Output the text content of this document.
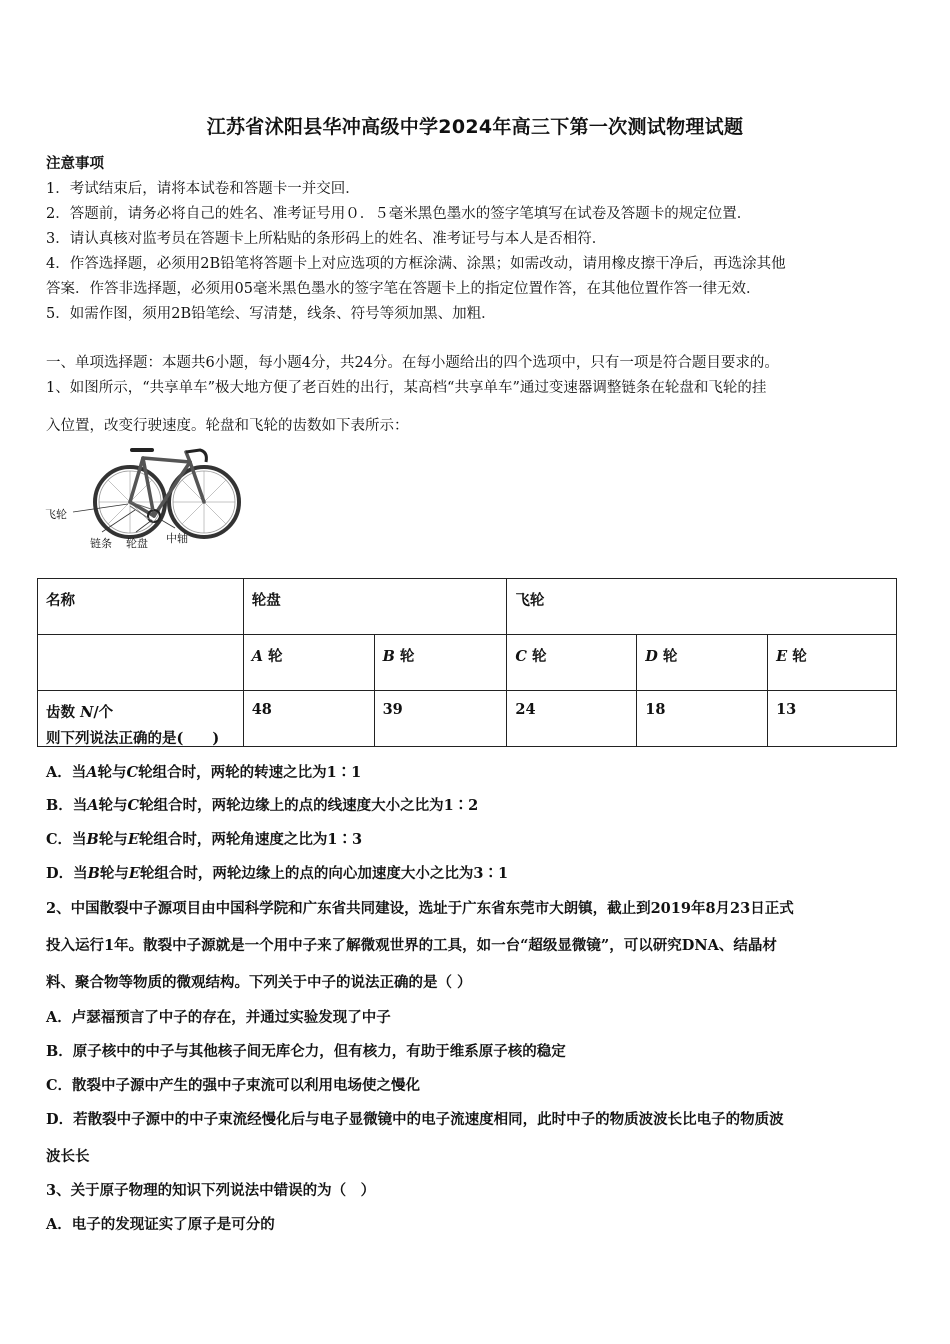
江苏省沭阳县华冲高级中学2024年高三下第一次测试物理试题
注意事项
1．考试结束后，请将本试卷和答题卡一并交回．
2．答题前，请务必将自己的姓名、准考证号用０．５毫米黑色墨水的签字笔填写在试卷及答题卡的规定位置．
3．请认真核对监考员在答题卡上所粘贴的条形码上的姓名、准考证号与本人是否相符．
4．作答选择题，必须用2B铅笔将答题卡上对应选项的方框涂满、涂黑；如需改动，请用橡皮擦干净后，再选涂其他
答案．作答非选择题，必须用05毫米黑色墨水的签字笔在答题卡上的指定位置作答，在其他位置作答一律无效．
5．如需作图，须用2B铅笔绘、写清楚，线条、符号等须加黑、加粗．
一、单项选择题：本题共6小题，每小题4分，共24分。在每小题给出的四个选项中，只有一项是符合题目要求的。
1、如图所示，“共享单车”极大地方便了老百姓的出行，某高档“共享单车”通过变速器调整链条在轮盘和飞轮的挂
入位置，改变行驶速度。轮盘和飞轮的齿数如下表所示：
飞轮
链条 轮盘 中轴
名称	轮盘		飞轮		
	A 轮	B 轮	C 轮	D 轮	E 轮
齿数 N/个	48	39	24	18	13
则下列说法正确的是(　　)
A．当A轮与C轮组合时，两轮的转速之比为1∶1
B．当A轮与C轮组合时，两轮边缘上的点的线速度大小之比为1∶2
C．当B轮与E轮组合时，两轮角速度之比为1∶3
D．当B轮与E轮组合时，两轮边缘上的点的向心加速度大小之比为3∶1
2、中国散裂中子源项目由中国科学院和广东省共同建设，选址于广东省东莞市大朗镇，截止到2019年8月23日正式
投入运行1年。散裂中子源就是一个用中子来了解微观世界的工具，如一台“超级显微镜”，可以研究DNA、结晶材
料、聚合物等物质的微观结构。下列关于中子的说法正确的是（ ）
A．卢瑟福预言了中子的存在，并通过实验发现了中子
B．原子核中的中子与其他核子间无库仑力，但有核力，有助于维系原子核的稳定
C．散裂中子源中产生的强中子束流可以利用电场使之慢化
D．若散裂中子源中的中子束流经慢化后与电子显微镜中的电子流速度相同，此时中子的物质波波长比电子的物质波
波长长
3、关于原子物理的知识下列说法中错误的为（　）
A．电子的发现证实了原子是可分的
